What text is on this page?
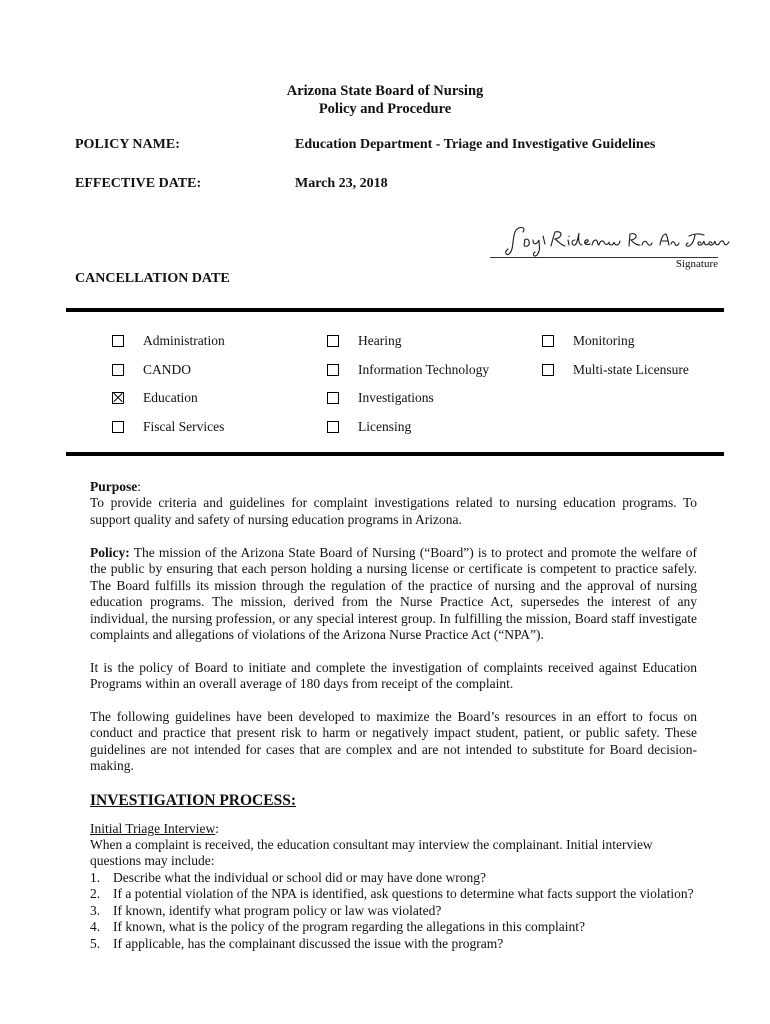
Arizona State Board of Nursing
Policy and Procedure
POLICY NAME:	Education Department - Triage and Investigative Guidelines
EFFECTIVE DATE:	March 23, 2018
Signature
CANCELLATION DATE
Administration
CANDO
Education
Fiscal Services
Hearing
Information Technology
Investigations
Licensing
Monitoring
Multi-state Licensure
Purpose:
To provide criteria and guidelines for complaint investigations related to nursing education programs. To support quality and safety of nursing education programs in Arizona.
Policy: The mission of the Arizona State Board of Nursing (“Board”) is to protect and promote the welfare of the public by ensuring that each person holding a nursing license or certificate is competent to practice safely. The Board fulfills its mission through the regulation of the practice of nursing and the approval of nursing education programs. The mission, derived from the Nurse Practice Act, supersedes the interest of any individual, the nursing profession, or any special interest group. In fulfilling the mission, Board staff investigate complaints and allegations of violations of the Arizona Nurse Practice Act (“NPA”).
It is the policy of Board to initiate and complete the investigation of complaints received against Education Programs within an overall average of 180 days from receipt of the complaint.
The following guidelines have been developed to maximize the Board’s resources in an effort to focus on conduct and practice that present risk to harm or negatively impact student, patient, or public safety. These guidelines are not intended for cases that are complex and are not intended to substitute for Board decision-making.
INVESTIGATION PROCESS:
Initial Triage Interview:
When a complaint is received, the education consultant may interview the complainant. Initial interview questions may include:
1. Describe what the individual or school did or may have done wrong?
2. If a potential violation of the NPA is identified, ask questions to determine what facts support the violation?
3. If known, identify what program policy or law was violated?
4. If known, what is the policy of the program regarding the allegations in this complaint?
5. If applicable, has the complainant discussed the issue with the program?
